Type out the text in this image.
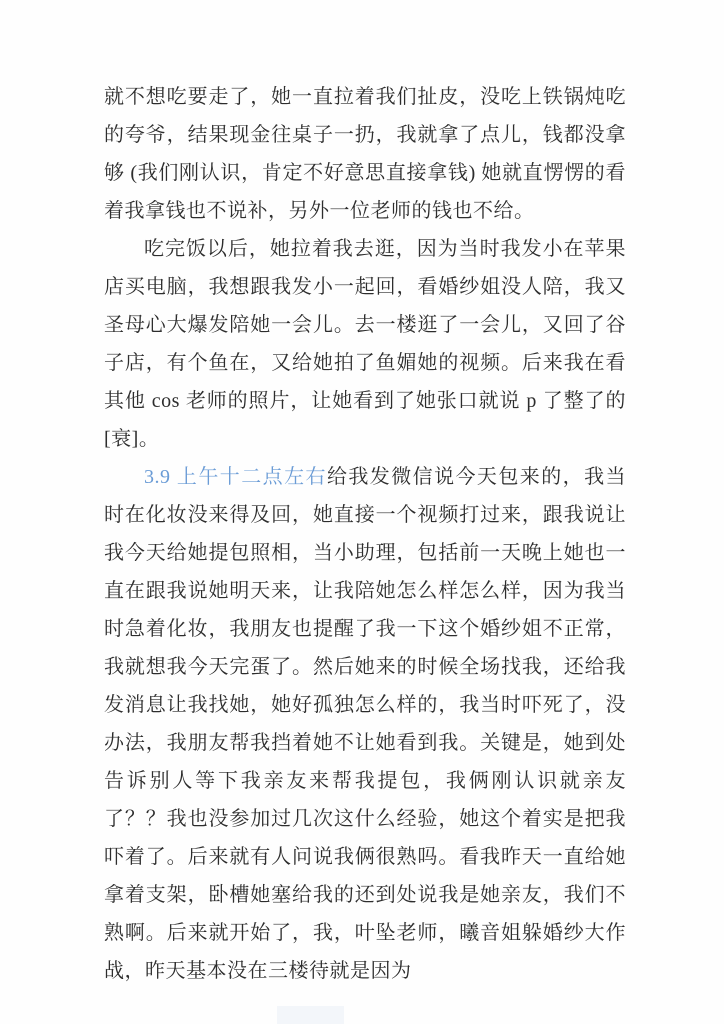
就不想吃要走了，她一直拉着我们扯皮，没吃上铁锅炖吃的夸爷，结果现金往桌子一扔，我就拿了点儿，钱都没拿够 (我们刚认识，肯定不好意思直接拿钱) 她就直愣愣的看着我拿钱也不说补，另外一位老师的钱也不给。

吃完饭以后，她拉着我去逛，因为当时我发小在苹果店买电脑，我想跟我发小一起回，看婚纱姐没人陪，我又圣母心大爆发陪她一会儿。去一楼逛了一会儿，又回了谷子店，有个鱼在，又给她拍了鱼媚她的视频。后来我在看其他 cos 老师的照片，让她看到了她张口就说 p 了整了的 [衰]。

3.9 上午十二点左右给我发微信说今天包来的，我当时在化妆没来得及回，她直接一个视频打过来，跟我说让我今天给她提包照相，当小助理，包括前一天晚上她也一直在跟我说她明天来，让我陪她怎么样怎么样，因为我当时急着化妆，我朋友也提醒了我一下这个婚纱姐不正常，我就想我今天完蛋了。然后她来的时候全场找我，还给我发消息让我找她，她好孤独怎么样的，我当时吓死了，没办法，我朋友帮我挡着她不让她看到我。关键是，她到处告诉别人等下我亲友来帮我提包，我俩刚认识就亲友了？？我也没参加过几次这什么经验，她这个着实是把我吓着了。后来就有人问说我俩很熟吗。看我昨天一直给她拿着支架，卧槽她塞给我的还到处说我是她亲友，我们不熟啊。后来就开始了，我，叶坠老师，曦音姐躲婚纱大作战，昨天基本没在三楼待就是因为
